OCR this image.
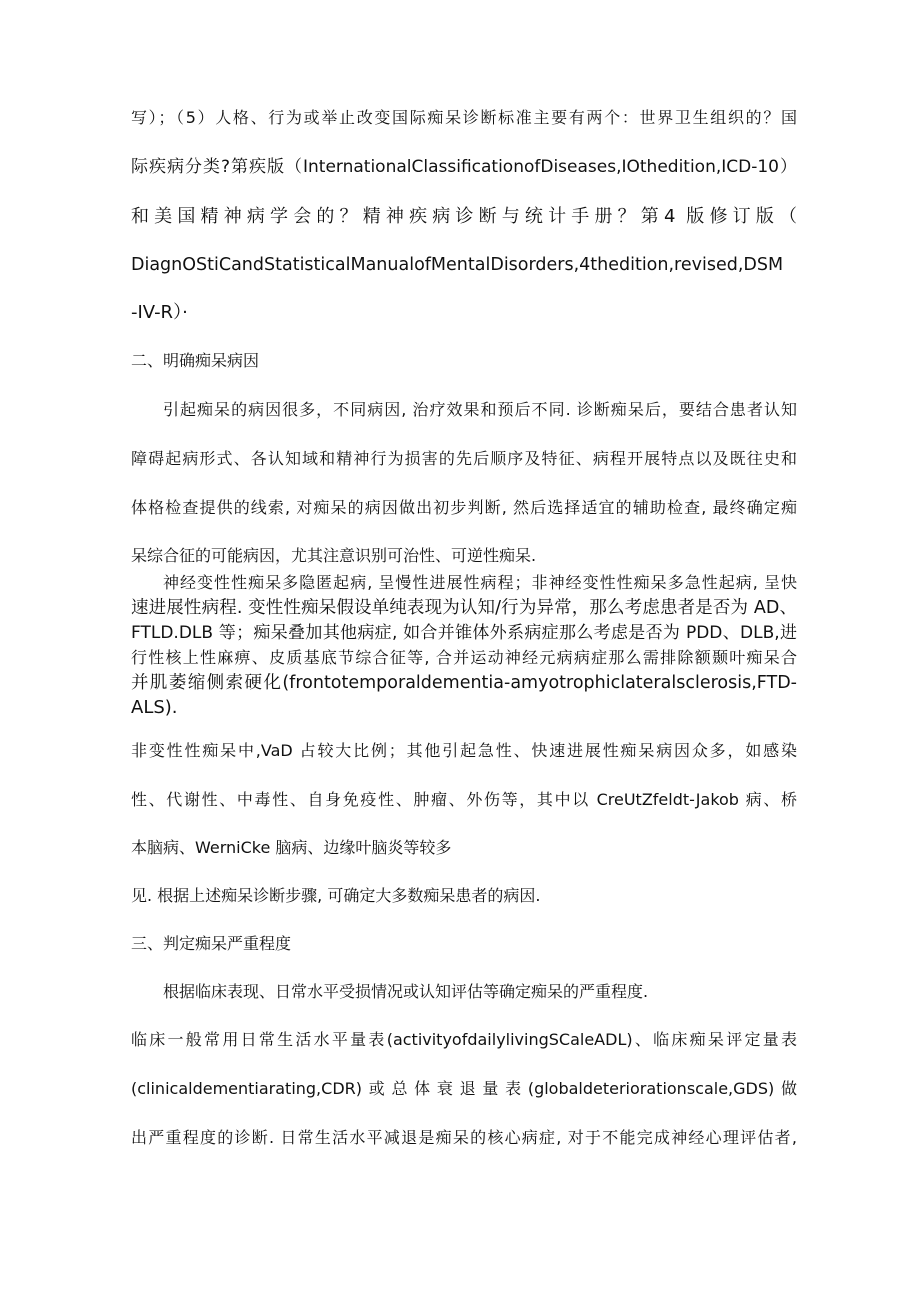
写）；（5）人格、行为或举止改变国际痴呆诊断标准主要有两个：世界卫生组织的？国
际疾病分类?第疾版（InternationalClassificationofDiseases,IOthedition,ICD-10）
和美国精神病学会的？精神疾病诊断与统计手册？第4 版修订版（
DiagnOStiCandStatisticalManualofMentalDisorders,4thedition,revised,DSM
-IV-R）·
二、明确痴呆病因
引起痴呆的病因很多，不同病因, 治疗效果和预后不同. 诊断痴呆后，要结合患者认知
障碍起病形式、各认知域和精神行为损害的先后顺序及特征、病程开展特点以及既往史和
体格检查提供的线索, 对痴呆的病因做出初步判断, 然后选择适宜的辅助检查, 最终确定痴
呆综合征的可能病因，尤其注意识别可治性、可逆性痴呆.
神经变性性痴呆多隐匿起病, 呈慢性进展性病程；非神经变性性痴呆多急性起病, 呈快
速进展性病程. 变性性痴呆假设单纯表现为认知/行为异常，那么考虑患者是否为 AD、
FTLD.DLB 等；痴呆叠加其他病症, 如合并锥体外系病症那么考虑是否为 PDD、DLB,进
行性核上性麻痹、皮质基底节综合征等, 合并运动神经元病病症那么需排除额颞叶痴呆合
并肌萎缩侧索硬化(frontotemporaldementia-amyotrophiclateralsclerosis,FTD-
ALS).
非变性性痴呆中,VaD 占较大比例；其他引起急性、快速进展性痴呆病因众多，如感染
性、代谢性、中毒性、自身免疫性、肿瘤、外伤等，其中以 CreUtZfeldt-Jakob 病、桥
本脑病、WerniCke 脑病、边缘叶脑炎等较多
见. 根据上述痴呆诊断步骤, 可确定大多数痴呆患者的病因.
三、判定痴呆严重程度
根据临床表现、日常水平受损情况或认知评估等确定痴呆的严重程度.
临床一般常用日常生活水平量表(activityofdailylivingSCaleADL)、临床痴呆评定量表
(clinicaldementiarating,CDR)或总体衰退量表(globaldeteriorationscale,GDS)做
出严重程度的诊断. 日常生活水平减退是痴呆的核心病症, 对于不能完成神经心理评估者,
